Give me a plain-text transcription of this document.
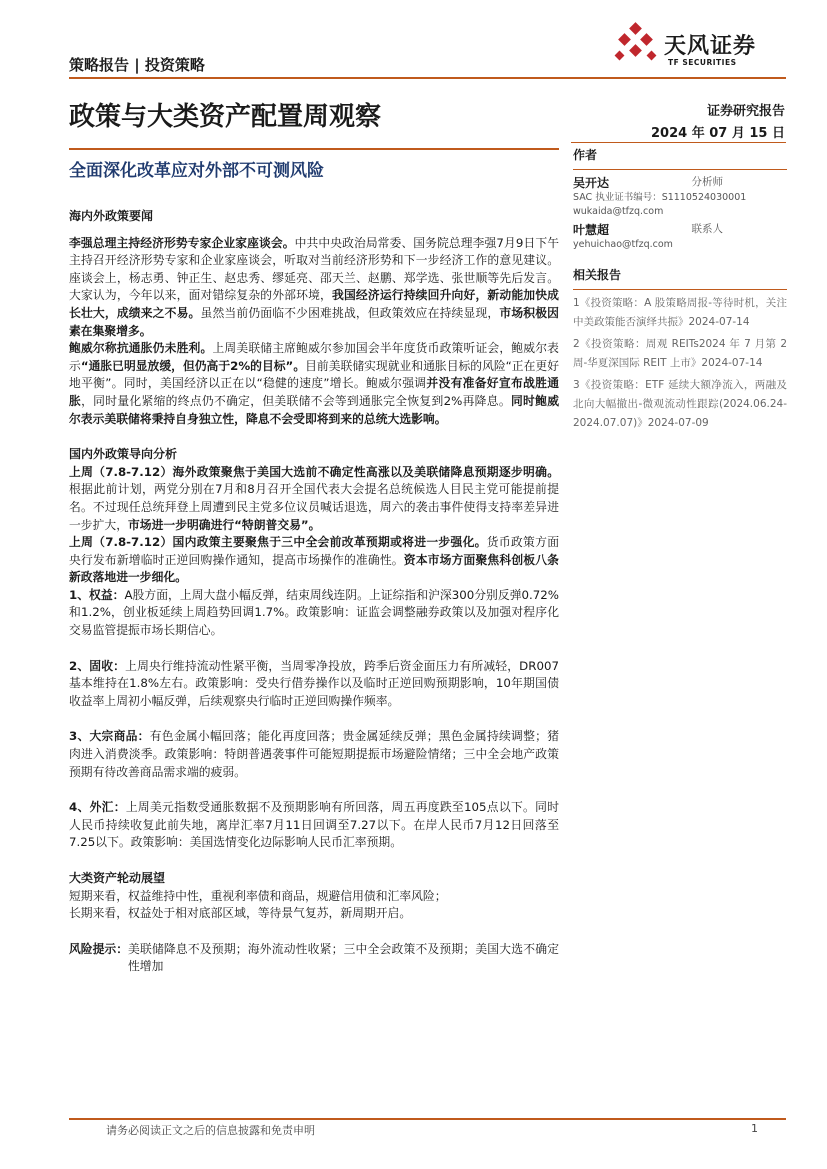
策略报告 | 投资策略
天风证券
TF SECURITIES
政策与大类资产配置周观察	证券研究报告
2024 年 07 月 15 日
全面深化改革应对外部不可测风险
作者
吴开达	分析师
SAC 执业证书编号：S1110524030001
wukaida@tfzq.com
叶慧超	联系人
yehuichao@tfzq.com
相关报告
1《投资策略：A 股策略周报-等待时机，关注中美政策能否演绎共振》2024-07-14
2《投资策略：周观 REITs2024 年 7 月第 2 周-华夏深国际 REIT 上市》2024-07-14
3《投资策略：ETF 延续大额净流入，两融及北向大幅撤出-微观流动性跟踪(2024.06.24-2024.07.07)》2024-07-09
海内外政策要闻
李强总理主持经济形势专家企业家座谈会。中共中央政治局常委、国务院总理李强7月9日下午主持召开经济形势专家和企业家座谈会，听取对当前经济形势和下一步经济工作的意见建议。座谈会上，杨志勇、钟正生、赵忠秀、缪延亮、邵天兰、赵鹏、郑学选、张世顺等先后发言。大家认为，今年以来，面对错综复杂的外部环境，我国经济运行持续回升向好，新动能加快成长壮大，成绩来之不易。虽然当前仍面临不少困难挑战，但政策效应在持续显现，市场积极因素在集聚增多。
鲍威尔称抗通胀仍未胜利。上周美联储主席鲍威尔参加国会半年度货币政策听证会，鲍威尔表示“通胀已明显放缓，但仍高于2%的目标”。目前美联储实现就业和通胀目标的风险“正在更好地平衡”。同时，美国经济以正在以“稳健的速度”增长。鲍威尔强调并没有准备好宣布战胜通胀，同时量化紧缩的终点仍不确定，但美联储不会等到通胀完全恢复到2%再降息。同时鲍威尔表示美联储将秉持自身独立性，降息不会受即将到来的总统大选影响。
国内外政策导向分析
上周（7.8-7.12）海外政策聚焦于美国大选前不确定性高涨以及美联储降息预期逐步明确。根据此前计划，两党分别在7月和8月召开全国代表大会提名总统候选人目民主党可能提前提名。不过现任总统拜登上周遭到民主党多位议员喊话退选，周六的袭击事件使得支持率差异进一步扩大，市场进一步明确进行“特朗普交易”。
上周（7.8-7.12）国内政策主要聚焦于三中全会前改革预期或将进一步强化。货币政策方面央行发布新增临时正逆回购操作通知，提高市场操作的准确性。资本市场方面聚焦科创板八条新政落地进一步细化。
1、权益：A股方面，上周大盘小幅反弹，结束周线连阴。上证综指和沪深300分别反弹0.72%和1.2%，创业板延续上周趋势回调1.7%。政策影响：证监会调整融券政策以及加强对程序化交易监管提振市场长期信心。
2、固收：上周央行维持流动性紧平衡，当周零净投放，跨季后资金面压力有所减轻，DR007基本维持在1.8%左右。政策影响：受央行借券操作以及临时正逆回购预期影响，10年期国债收益率上周初小幅反弹，后续观察央行临时正逆回购操作频率。
3、大宗商品：有色金属小幅回落；能化再度回落；贵金属延续反弹；黑色金属持续调整；猪肉进入消费淡季。政策影响：特朗普遇袭事件可能短期提振市场避险情绪；三中全会地产政策预期有待改善商品需求端的疲弱。
4、外汇：上周美元指数受通胀数据不及预期影响有所回落，周五再度跌至105点以下。同时人民币持续收复此前失地，离岸汇率7月11日回调至7.27以下。在岸人民币7月12日回落至7.25以下。政策影响：美国选情变化边际影响人民币汇率预期。
大类资产轮动展望
短期来看，权益维持中性，重视利率债和商品，规避信用债和汇率风险；
长期来看，权益处于相对底部区域，等待景气复苏，新周期开启。
风险提示： 美联储降息不及预期；海外流动性收紧；三中全会政策不及预期；美国大选不确定性增加
请务必阅读正文之后的信息披露和免责申明	1
